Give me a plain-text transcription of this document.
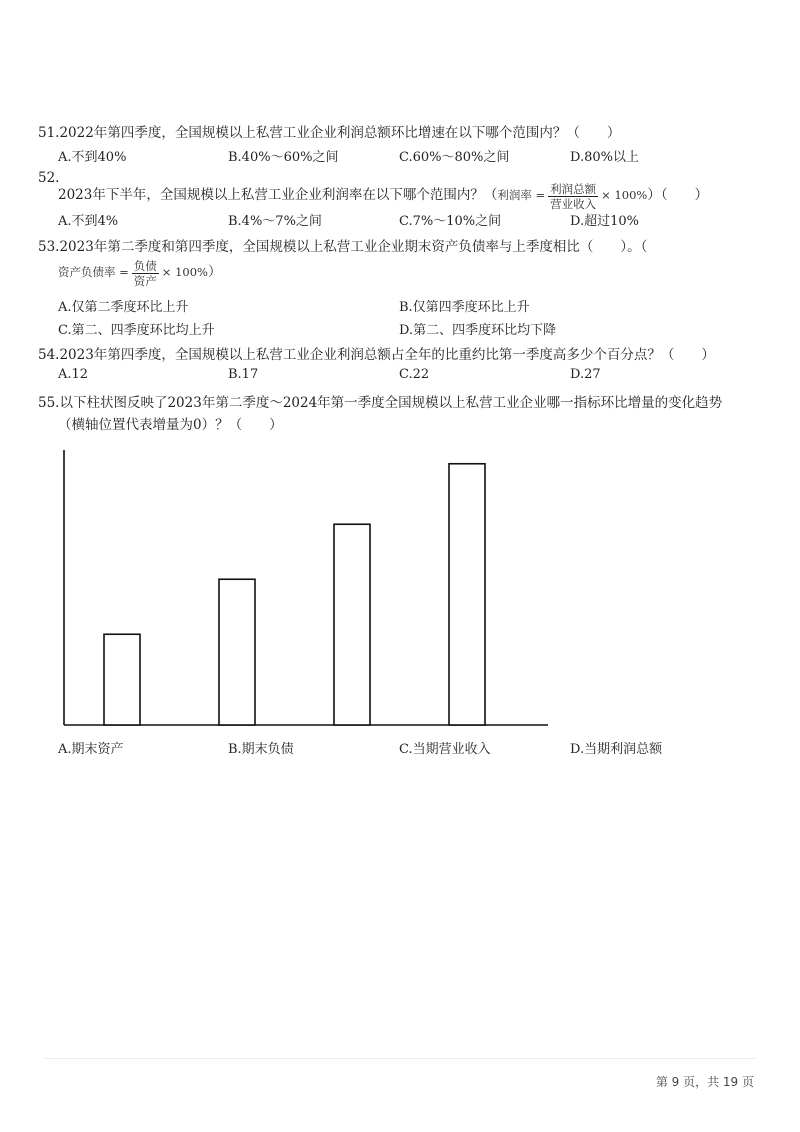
51.2022年第四季度，全国规模以上私营工业企业利润总额环比增速在以下哪个范围内？（　　）
A.不到40%	B.40%～60%之间	C.60%～80%之间	D.80%以上
52.
2023年下半年，全国规模以上私营工业企业利润率在以下哪个范围内？（利润率 = $\frac{\text{利润总额}}{\text{营业收入}} \times 100\%$）（　　）
A.不到4%	B.4%～7%之间	C.7%～10%之间	D.超过10%
53.2023年第二季度和第四季度，全国规模以上私营工业企业期末资产负债率与上季度相比（　　）。（
资产负债率 = $\frac{\text{负债}}{\text{资产}} \times 100\%$）
A.仅第二季度环比上升	B.仅第四季度环比上升
C.第二、四季度环比均上升	D.第二、四季度环比均下降
54.2023年第四季度，全国规模以上私营工业企业利润总额占全年的比重约比第一季度高多少个百分点？（　　）
A.12	B.17	C.22	D.27
55.以下柱状图反映了2023年第二季度～2024年第一季度全国规模以上私营工业企业哪一指标环比增量的变化趋势
（横轴位置代表增量为0）？（　　）
A.期末资产	B.期末负债	C.当期营业收入	D.当期利润总额
第 9 页，共 19 页
